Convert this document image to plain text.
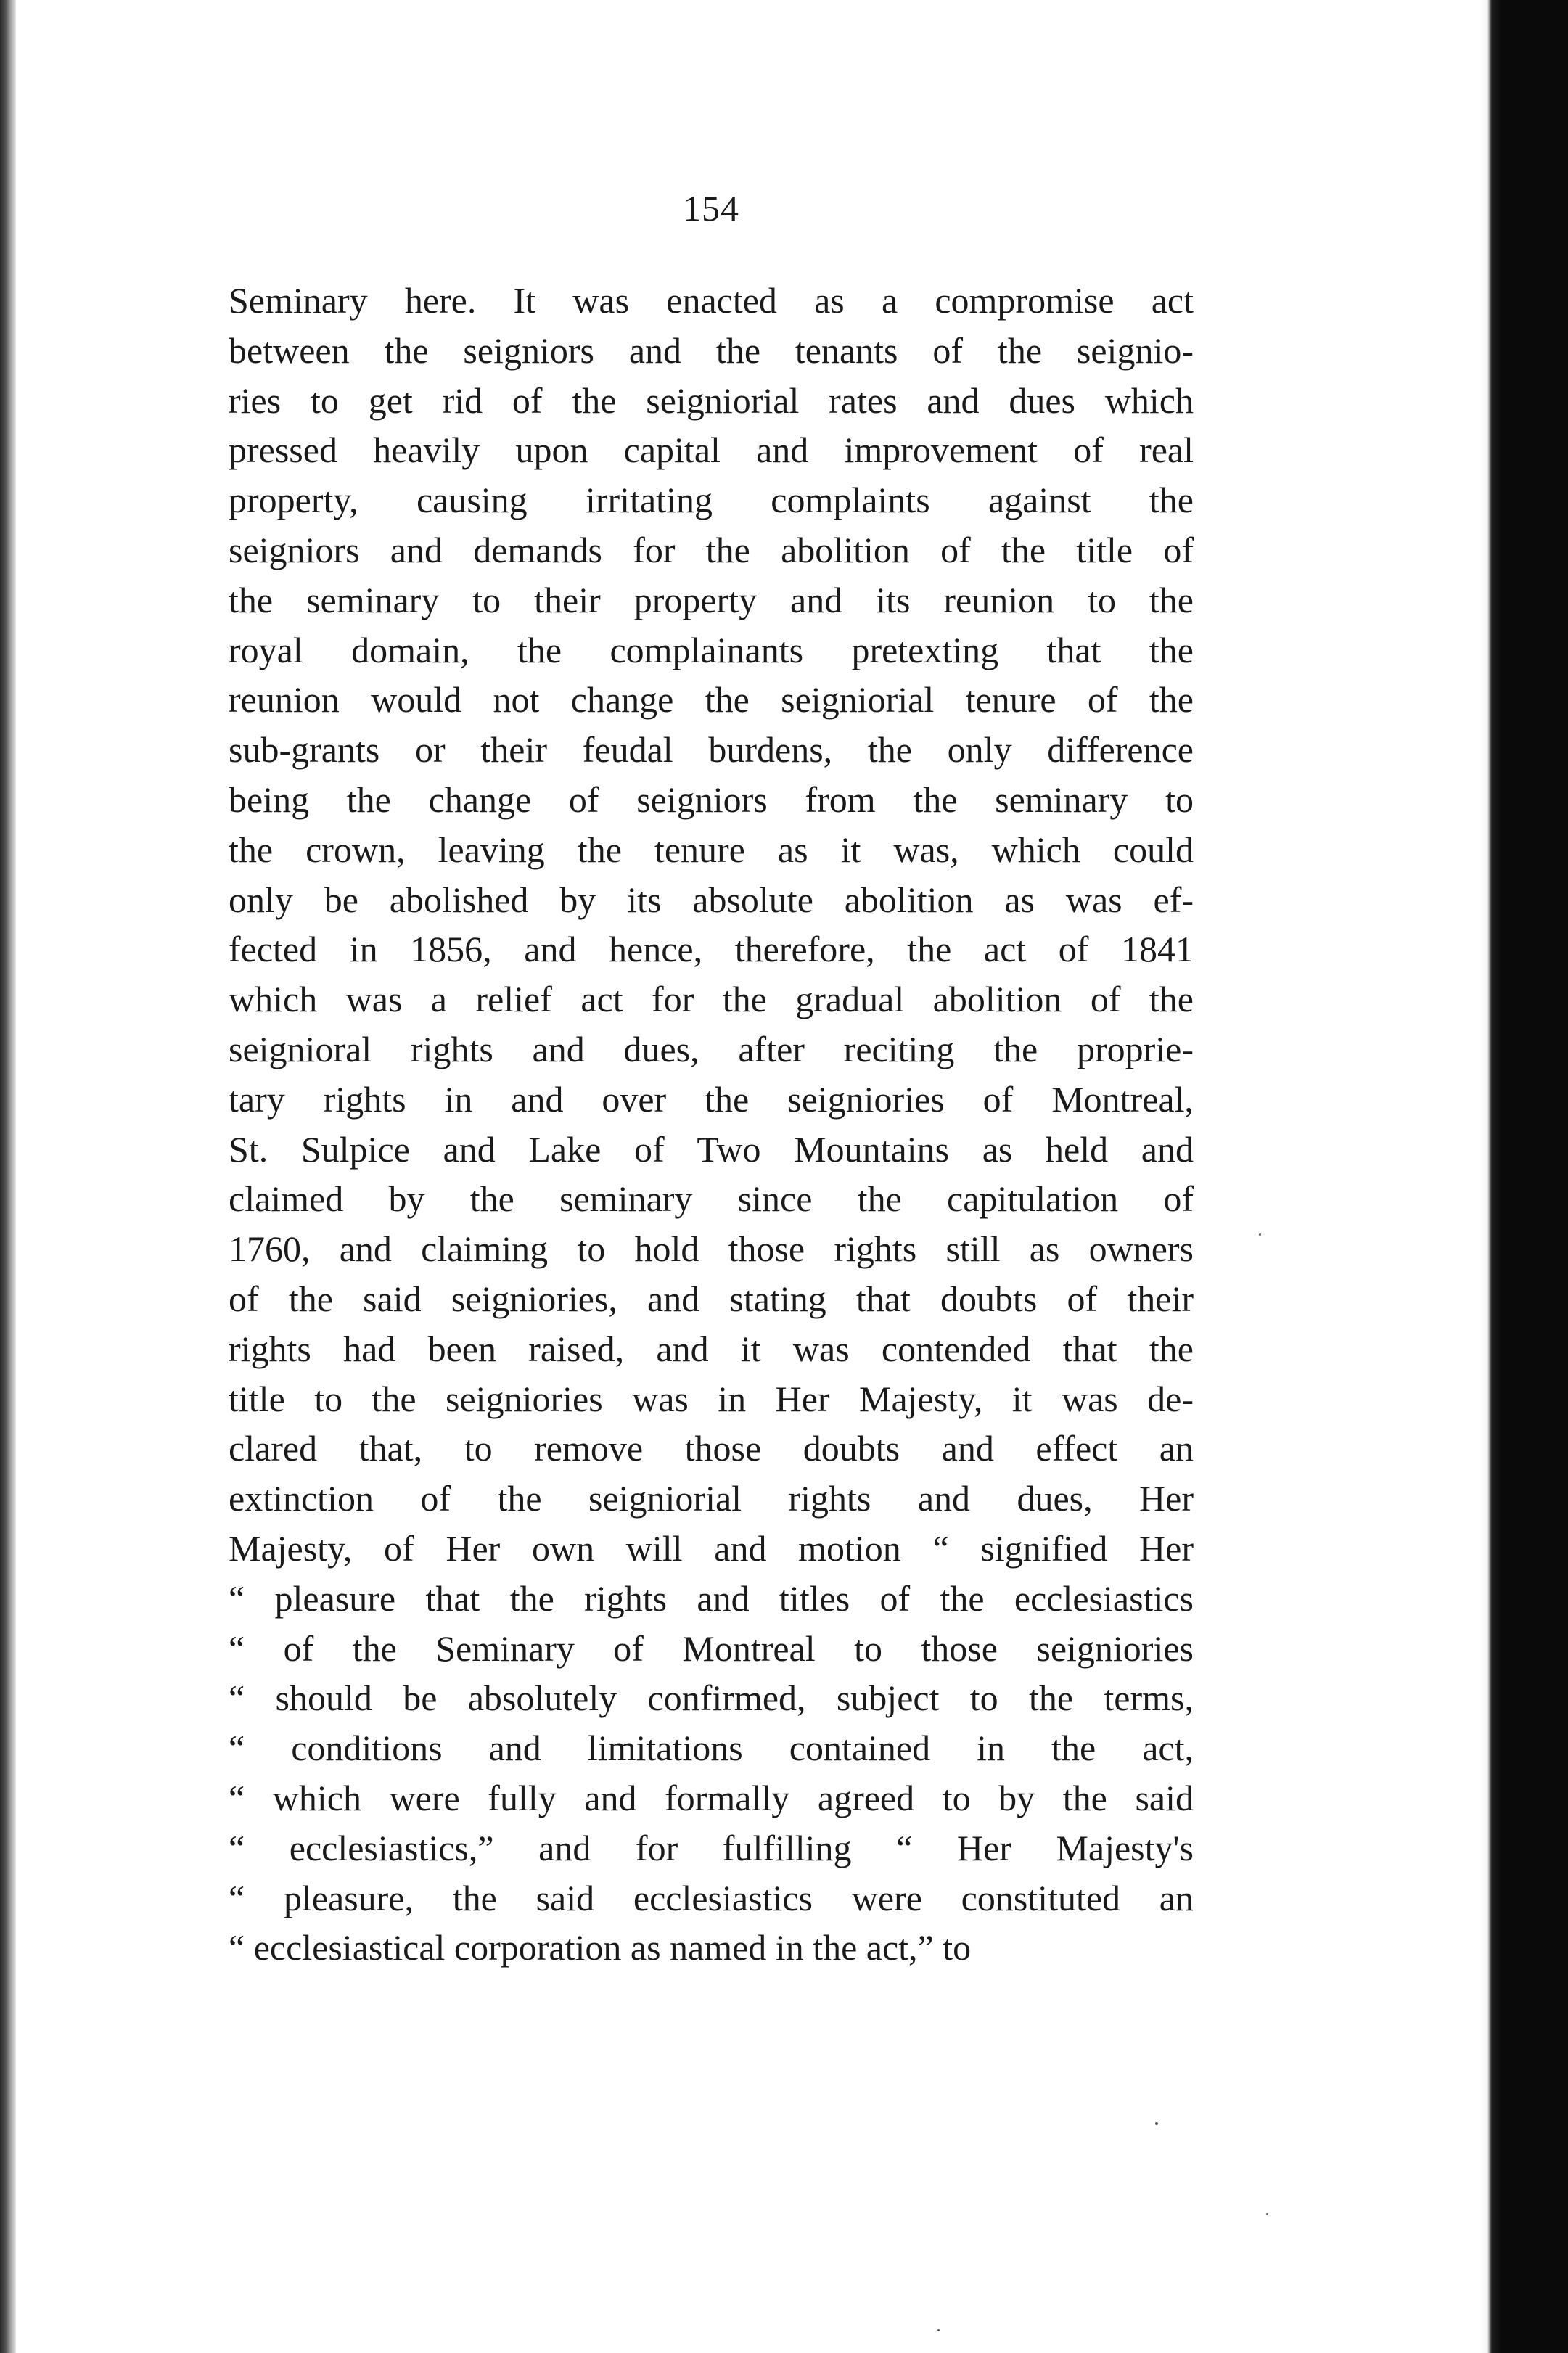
154
Seminary here. It was enacted as a compromise act
between the seigniors and the tenants of the seignio-
ries to get rid of the seigniorial rates and dues which
pressed heavily upon capital and improvement of real
property, causing irritating complaints against the
seigniors and demands for the abolition of the title of
the seminary to their property and its reunion to the
royal domain, the complainants pretexting that the
reunion would not change the seigniorial tenure of the
sub-grants or their feudal burdens, the only difference
being the change of seigniors from the seminary to
the crown, leaving the tenure as it was, which could
only be abolished by its absolute abolition as was ef-
fected in 1856, and hence, therefore, the act of 1841
which was a relief act for the gradual abolition of the
seignioral rights and dues, after reciting the proprie-
tary rights in and over the seigniories of Montreal,
St. Sulpice and Lake of Two Mountains as held and
claimed by the seminary since the capitulation of
1760, and claiming to hold those rights still as owners
of the said seigniories, and stating that doubts of their
rights had been raised, and it was contended that the
title to the seigniories was in Her Majesty, it was de-
clared that, to remove those doubts and effect an
extinction of the seigniorial rights and dues, Her
Majesty, of Her own will and motion “ signified Her
“ pleasure that the rights and titles of the ecclesiastics
“ of the Seminary of Montreal to those seigniories
“ should be absolutely confirmed, subject to the terms,
“ conditions and limitations contained in the act,
“ which were fully and formally agreed to by the said
“ ecclesiastics,” and for fulfilling “ Her Majesty's
“ pleasure, the said ecclesiastics were constituted an
“ ecclesiastical corporation as named in the act,” to
